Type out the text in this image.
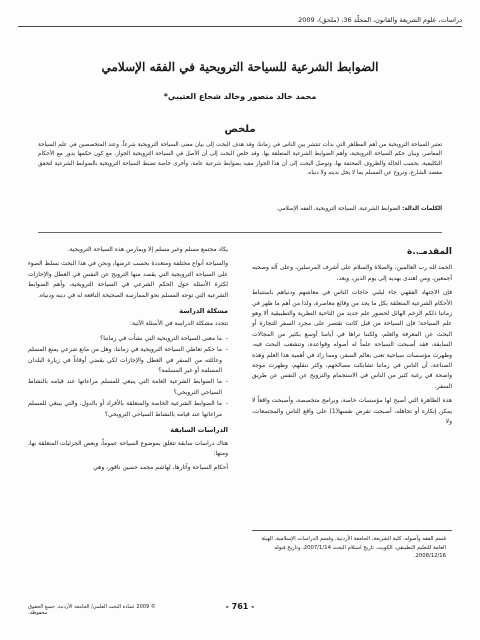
دراسات، علوم الشريعة والقانون، المجلّد 36، (ملحق)، 2009
الضوابط الشرعية للسياحة الترويحية في الفقه الإسلامي
محمد خالد منصور وخالد شجاع العتيبي*
ملخص
تعتبر السياحة الترويحية من أهم المظاهر التي بدأت تنتشر بين الناس في زماننا، وقد هدف البحث إلى بيان معنى السياحة الترويحية شرعاً، وعند المتخصصين في علم السياحة المعاصر، وبيان حكم السياحة الترويحية، وأهم الضوابط الشرعية المتعلقة بها. وقد خلص البحث إلى أن الأصل في السياحة الترويحية الجواز، مع كون حكمها يدور مع الأحكام التكليفية، بحسب الحالة والظروف المحتفة بها، وتوصل البحث إلى أن هذا الجواز مقيد بضوابط شرعية عامة، وأخرى خاصة تضبط السياحة الترويحية بالضوابط الشرعية لتحقق مقصد الشارع، وتروح عن المسلم بما لا يخل بدينه ولا دنياه.
الكلمات الدالة: الضوابط الشرعية، السياحة الترويحية، الفقه الإسلامي.
المقدمـ..ة

الحمد لله رب العالمين، والصلاة والسلام على أشرف المرسلين، وعلى آله وصحبه أجمعين، ومن اهتدى بهديه إلى يوم الدين، وبعد،

فإن الاجتهاد الفقهي جاء ليلبي حاجات الناس في معاشهم ودنياهم باستنباط الأحكام الشرعية المتعلقة بكل ما يجد من وقائع معاصرة، ولذا من أهم ما ظهر في زماننا ذلكم الزخم الهائل لحضور علم جديد من الناحية النظرية والتطبيقية ألا وهو علم السياحة؛ فإن السياحة من قبل كانت تقتصر على مجرد السفر للتجارة أو البحث عن المعرفة والعلم، ولكننا نراها في أيامنا أوسع بكثير من المجالات السابقة، فقد أصبحت السياحة علماً له أصوله وقواعده، وتنشعب البحث فيه، وظهرت مؤسسات سياحية تعنى بعالم السفر، ومما زاد في أهمية هذا العلم وهذه الصناعة، أن الناس في زماننا تشابكت مصالحهم، وكثر تنقلهم، وظهرت موجة واضحة في رغبة كثير من الناس في الاستجمام والترويح عن النفس عن طريق السفر.

هذه الظاهرة التي أصبح لها مؤسسات خاصة، وبرامج متخصصة، وأصبحت واقعاً لا يمكن إنكاره أو تجاهله، أصبحت تفرض نفسها(1) على واقع الناس والمجتمعات، ولا

يكاد مجتمع مسلم وغير مسلم إلا ويمارس هذه السياحة الترويحية.

والسياحة أنواع مختلفة ومتعددة بحسب غرضها، ونحن في هذا البحث نسلط الضوء على السياحة الترويحية التي يقصد منها الترويح عن النفس في العطل والإجازات لكثرة الأسئلة حول الحكم الشرعي في السياحة الترويحية، وأهم الضوابط الشرعية التي توجه المسلم نحو الممارسة الصحيحة النافعة له في دينه ودنياه.

مشكلة الدراسة

تتحدد مشكلة الدراسة في الأسئلة الآتية:

- ما معنى السياحة الترويحية التي نشأت في زماننا؟
- ما حكم تعاطي السياحة الترويحية في زماننا، وهل من مانع شرعي يمنع المسلم وعائلته من السفر في العطل والإجازات لكي يقضي أوقاتاً في زيارة البلدان المسلمة أو غير المسلمة؟
- ما الضوابط الشرعية العامة التي ينبغي للمسلم مراعاتها عند قيامه بالنشاط السياحي الترويحي؟
- ما الضوابط الشرعية الخاصة والمتعلقة بالأفراد أو بالدول، والتي ينبغي للمسلم مراعاتها عند قيامه بالنشاط السياحي الترويحي؟
الدراسات السابقة

هناك دراسات سابقة تتعلق بموضوع السياحة عموماً، وبعض الجزئيات المتعلقة بها، ومنها:

أحكام السياحة وآثارها، لهاشم محمد حسين ناقور، وهي

قسم الفقه وأصوله، كلية الشريعة، الجامعة الأردنية، وقسم الدراسات الإسلامية، الهيئة العامة للتعليم التطبيقي، الكويت. تاريخ استلام البحث 2007/1/14، وتاريخ قبوله 2008/12/16.
- 761 -
© 2009 عمادة البحث العلمي/ الجامعة الأردنية. جميع الحقوق محفوظة.
